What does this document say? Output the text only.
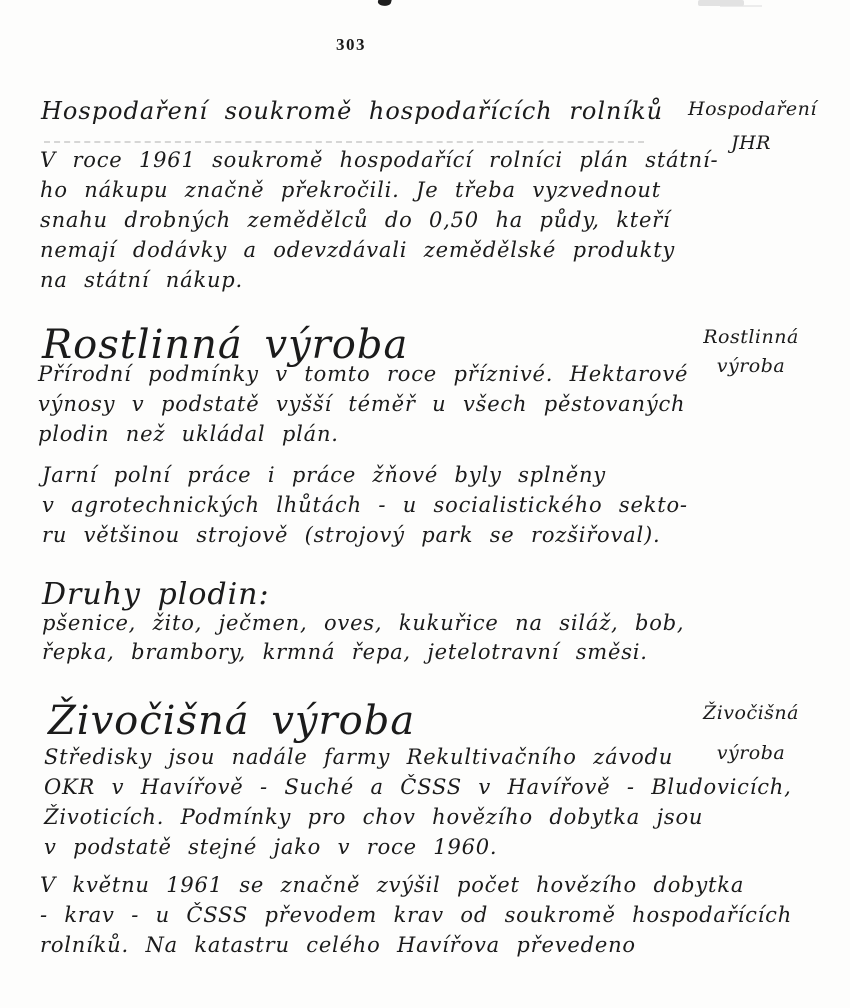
303
Hospodaření soukromě hospodařících rolníků Hospodaření
JHR
V roce 1961 soukromě hospodařící rolníci plán státní-
ho nákupu značně překročili. Je třeba vyzvednout
snahu drobných zemědělců do 0,50 ha půdy, kteří
nemají dodávky a odevzdávali zemědělské produkty
na státní nákup.
Rostlinná výroba	Rostlinná
výroba
Přírodní podmínky v tomto roce příznivé. Hektarové
výnosy v podstatě vyšší téměř u všech pěstovaných
plodin než ukládal plán.
Jarní polní práce i práce žňové byly splněny
v agrotechnických lhůtách - u socialistického sekto-
ru většinou strojově (strojový park se rozšiřoval).
Druhy plodin:
pšenice, žito, ječmen, oves, kukuřice na siláž, bob,
řepka, brambory, krmná řepa, jetelotravní směsi.
Živočišná výroba	Živočišná
výroba
Středisky jsou nadále farmy Rekultivačního závodu
OKR v Havířově - Suché a ČSSS v Havířově - Bludovicích,
Životicích. Podmínky pro chov hovězího dobytka jsou
v podstatě stejné jako v roce 1960.
V květnu 1961 se značně zvýšil počet hovězího dobytka
- krav - u ČSSS převodem krav od soukromě hospodařících
rolníků. Na katastru celého Havířova převedeno
